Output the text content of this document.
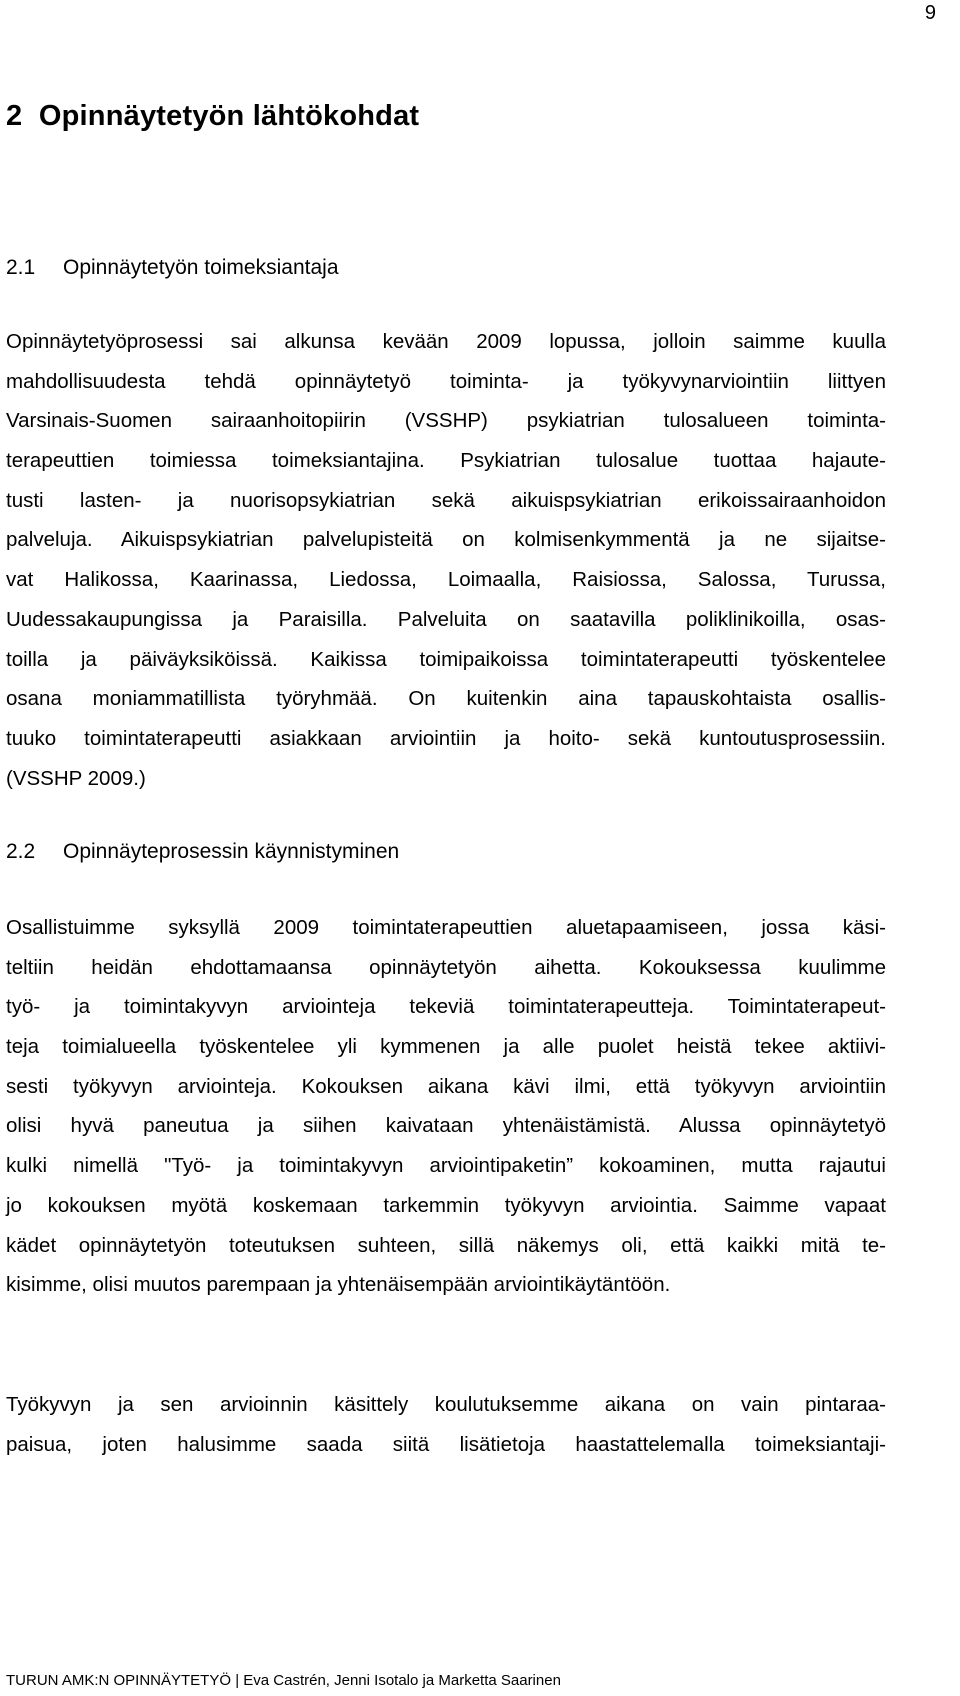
9
2 Opinnäytetyön lähtökohdat
2.1 Opinnäytetyön toimeksiantaja
Opinnäytetyöprosessi sai alkunsa kevään 2009 lopussa, jolloin saimme kuulla
mahdollisuudesta tehdä opinnäytetyö toiminta- ja työkyvynarviointiin liittyen
Varsinais-Suomen sairaanhoitopiirin (VSSHP) psykiatrian tulosalueen toiminta-
terapeuttien toimiessa toimeksiantajina. Psykiatrian tulosalue tuottaa hajaute-
tusti lasten- ja nuorisopsykiatrian sekä aikuispsykiatrian erikoissairaanhoidon
palveluja. Aikuispsykiatrian palvelupisteitä on kolmisenkymmentä ja ne sijaitse-
vat Halikossa, Kaarinassa, Liedossa, Loimaalla, Raisiossa, Salossa, Turussa,
Uudessakaupungissa ja Paraisilla. Palveluita on saatavilla poliklinikoilla, osas-
toilla ja päiväyksiköissä. Kaikissa toimipaikoissa toimintaterapeutti työskentelee
osana moniammatillista työryhmää. On kuitenkin aina tapauskohtaista osallis-
tuuko toimintaterapeutti asiakkaan arviointiin ja hoito- sekä kuntoutusprosessiin.
(VSSHP 2009.)
2.2 Opinnäyteprosessin käynnistyminen
Osallistuimme syksyllä 2009 toimintaterapeuttien aluetapaamiseen, jossa käsi-
teltiin heidän ehdottamaansa opinnäytetyön aihetta. Kokouksessa kuulimme
työ- ja toimintakyvyn arviointeja tekeviä toimintaterapeutteja. Toimintaterapeut-
teja toimialueella työskentelee yli kymmenen ja alle puolet heistä tekee aktiivi-
sesti työkyvyn arviointeja. Kokouksen aikana kävi ilmi, että työkyvyn arviointiin
olisi hyvä paneutua ja siihen kaivataan yhtenäistämistä. Alussa opinnäytetyö
kulki nimellä "Työ- ja toimintakyvyn arviointipaketin” kokoaminen, mutta rajautui
jo kokouksen myötä koskemaan tarkemmin työkyvyn arviointia. Saimme vapaat
kädet opinnäytetyön toteutuksen suhteen, sillä näkemys oli, että kaikki mitä te-
kisimme, olisi muutos parempaan ja yhtenäisempään arviointikäytäntöön.
Työkyvyn ja sen arvioinnin käsittely koulutuksemme aikana on vain pintaraa-
paisua, joten halusimme saada siitä lisätietoja haastattelemalla toimeksiantaji-
TURUN AMK:N OPINNÄYTETYÖ | Eva Castrén, Jenni Isotalo ja Marketta Saarinen
